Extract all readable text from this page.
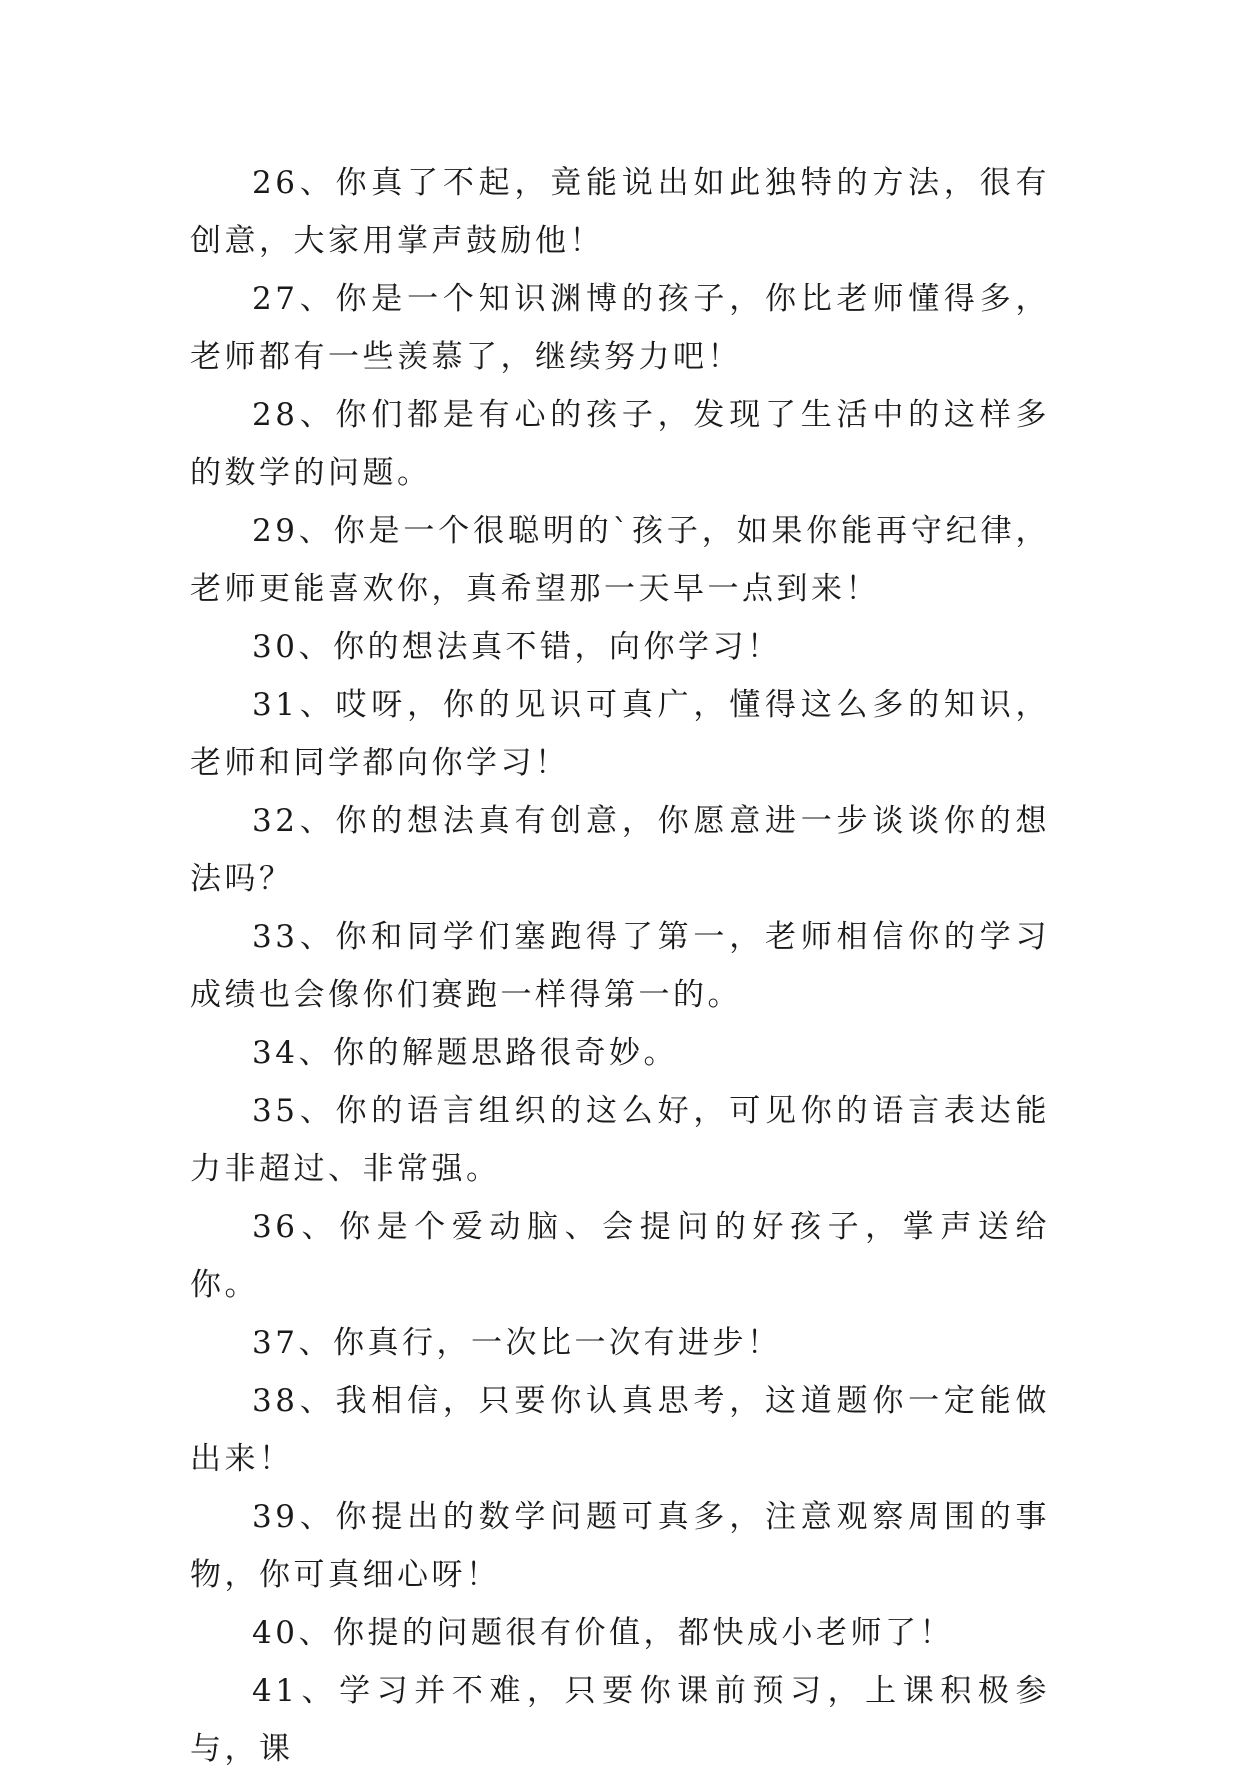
26、你真了不起，竟能说出如此独特的方法，很有创意，大家用掌声鼓励他！

27、你是一个知识渊博的孩子，你比老师懂得多，老师都有一些羡慕了，继续努力吧！

28、你们都是有心的孩子，发现了生活中的这样多的数学的问题。

29、你是一个很聪明的`孩子，如果你能再守纪律，老师更能喜欢你，真希望那一天早一点到来！

30、你的想法真不错，向你学习！

31、哎呀，你的见识可真广，懂得这么多的知识，老师和同学都向你学习！

32、你的想法真有创意，你愿意进一步谈谈你的想法吗？

33、你和同学们塞跑得了第一，老师相信你的学习成绩也会像你们赛跑一样得第一的。

34、你的解题思路很奇妙。

35、你的语言组织的这么好，可见你的语言表达能力非超过、非常强。

36、你是个爱动脑、会提问的好孩子，掌声送给你。

37、你真行，一次比一次有进步！

38、我相信，只要你认真思考，这道题你一定能做出来！

39、你提出的数学问题可真多，注意观察周围的事物，你可真细心呀！

40、你提的问题很有价值，都快成小老师了！

41、学习并不难，只要你课前预习，上课积极参与，课
